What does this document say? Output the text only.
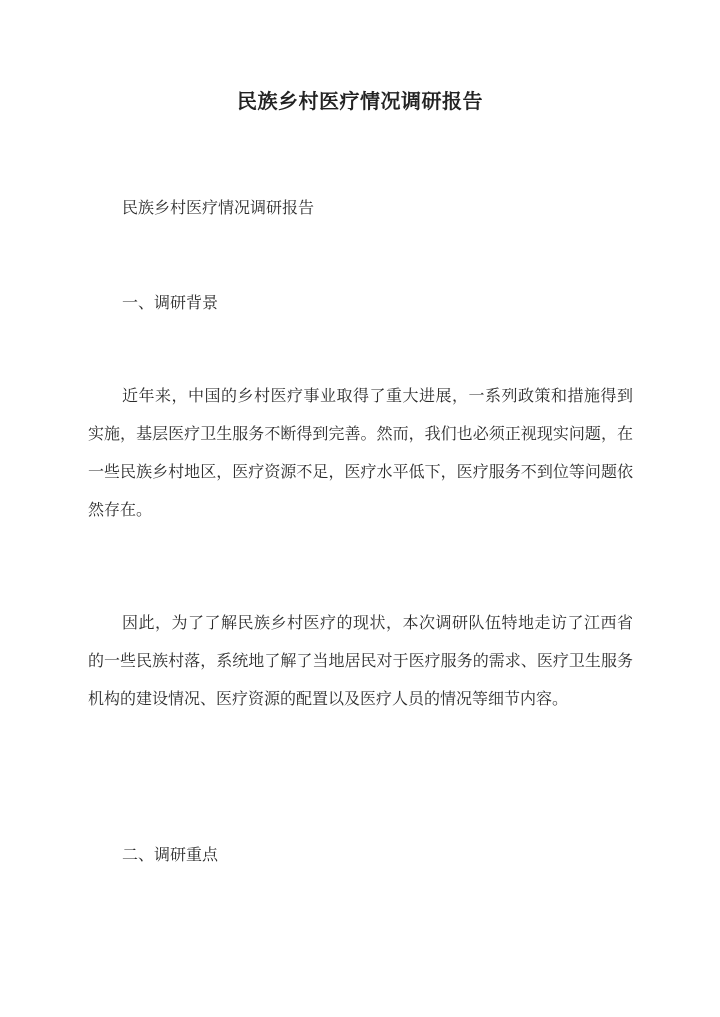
民族乡村医疗情况调研报告
民族乡村医疗情况调研报告
一、调研背景
近年来，中国的乡村医疗事业取得了重大进展，一系列政策和措施得到实施，基层医疗卫生服务不断得到完善。然而，我们也必须正视现实问题，在一些民族乡村地区，医疗资源不足，医疗水平低下，医疗服务不到位等问题依然存在。
因此，为了了解民族乡村医疗的现状，本次调研队伍特地走访了江西省的一些民族村落，系统地了解了当地居民对于医疗服务的需求、医疗卫生服务机构的建设情况、医疗资源的配置以及医疗人员的情况等细节内容。
二、调研重点
